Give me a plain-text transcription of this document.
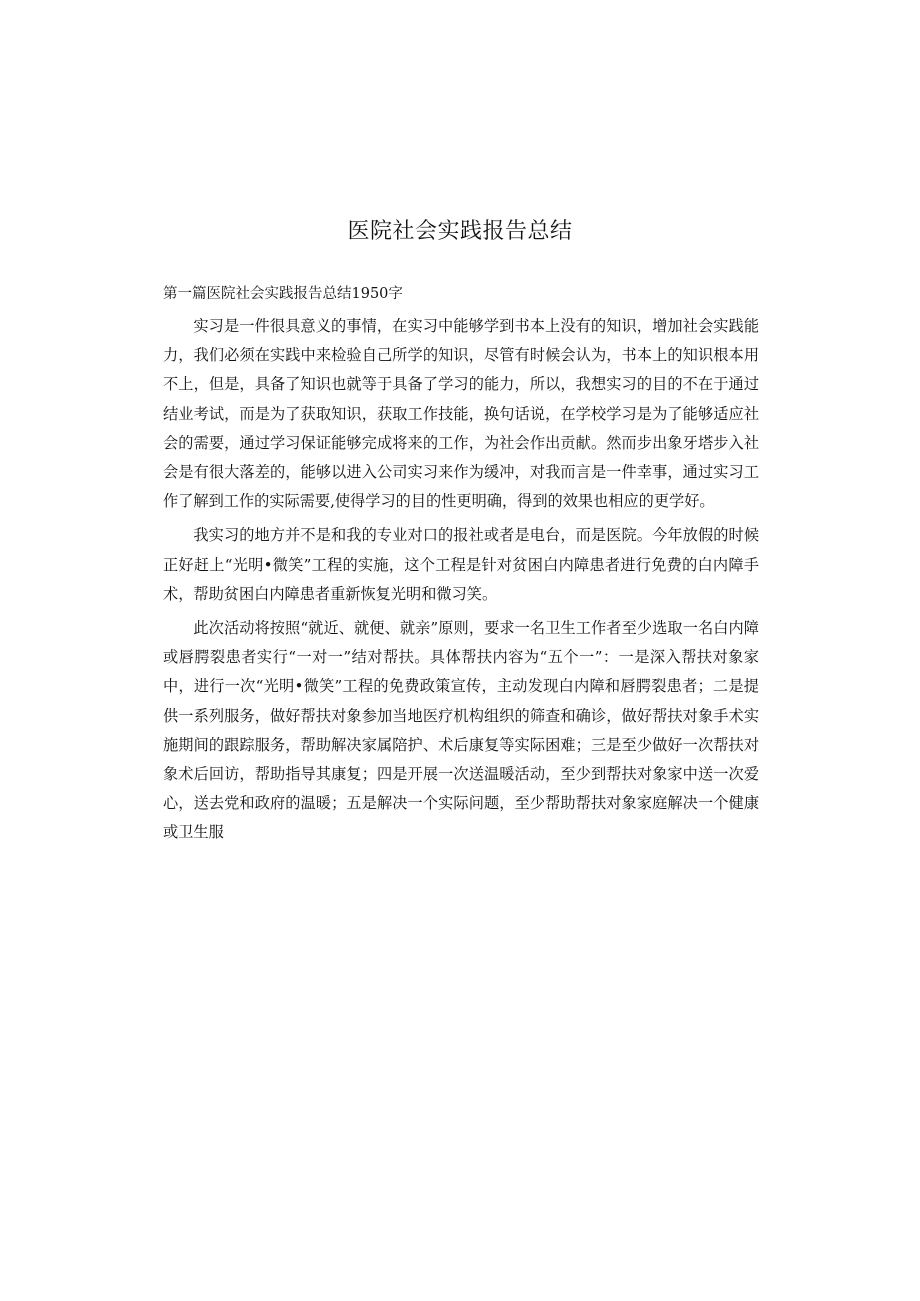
医院社会实践报告总结

第一篇医院社会实践报告总结1950字

实习是一件很具意义的事情，在实习中能够学到书本上没有的知识，增加社会实践能力，我们必须在实践中来检验自己所学的知识，尽管有时候会认为，书本上的知识根本用不上，但是，具备了知识也就等于具备了学习的能力，所以，我想实习的目的不在于通过结业考试，而是为了获取知识，获取工作技能，换句话说，在学校学习是为了能够适应社会的需要，通过学习保证能够完成将来的工作，为社会作出贡献。然而步出象牙塔步入社会是有很大落差的，能够以进入公司实习来作为缓冲，对我而言是一件幸事，通过实习工作了解到工作的实际需要,使得学习的目的性更明确，得到的效果也相应的更学好。

我实习的地方并不是和我的专业对口的报社或者是电台，而是医院。今年放假的时候正好赶上“光明•微笑”工程的实施，这个工程是针对贫困白内障患者进行免费的白内障手术，帮助贫困白内障患者重新恢复光明和微习笑。

此次活动将按照“就近、就便、就亲”原则，要求一名卫生工作者至少选取一名白内障或唇腭裂患者实行“一对一”结对帮扶。具体帮扶内容为“五个一”：一是深入帮扶对象家中，进行一次“光明•微笑”工程的免费政策宣传，主动发现白内障和唇腭裂患者；二是提供一系列服务，做好帮扶对象参加当地医疗机构组织的筛查和确诊，做好帮扶对象手术实施期间的跟踪服务，帮助解决家属陪护、术后康复等实际困难；三是至少做好一次帮扶对象术后回访，帮助指导其康复；四是开展一次送温暖活动，至少到帮扶对象家中送一次爱心，送去党和政府的温暖；五是解决一个实际问题，至少帮助帮扶对象家庭解决一个健康或卫生服
